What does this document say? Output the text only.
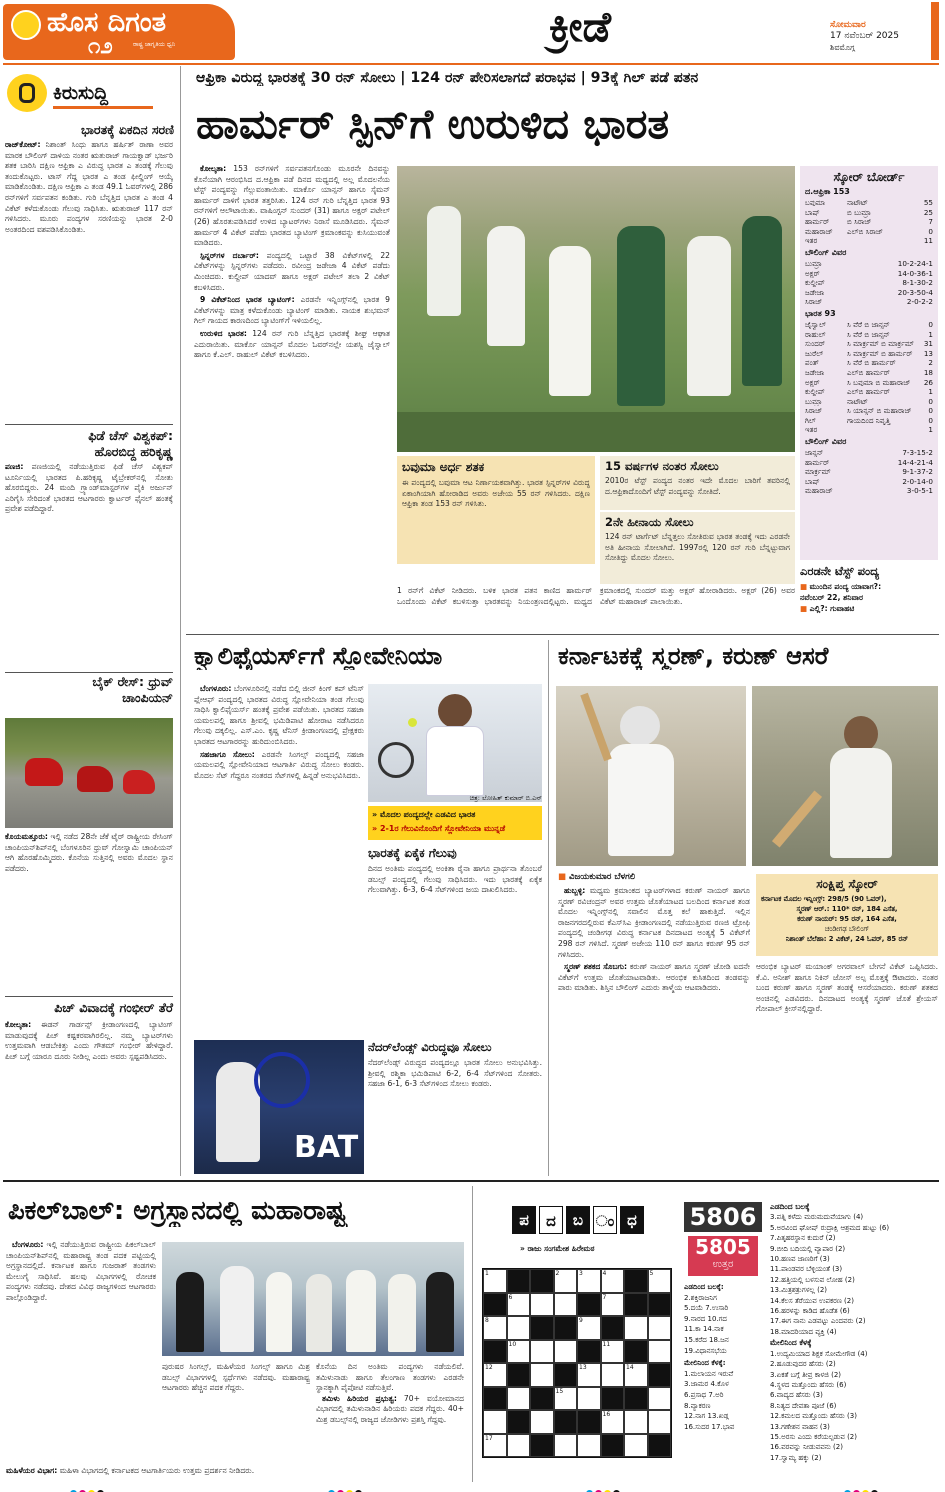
ಹೊಸ ದಿಗಂತ
ರಾಷ್ಟ್ರ ಜಾಗೃತಿಯ ಧ್ವನಿ
೧೨	ಕ್ರೀಡೆ	ಸೋಮವಾರ
17 ನವೆಂಬರ್ 2025
ಶಿವಮೊಗ್ಗ
ಕಿರುಸುದ್ದಿ
ಭಾರತಕ್ಕೆ ಏಕದಿನ ಸರಣಿ
ರಾಜ್‌ಕೋಟ್: ನಿಶಾಂತ್ ಸಿಂಧು ಹಾಗೂ ಹರ್ಷಿತ್ ರಾಣಾ ಅವರ ಮಾರಕ ಬೌಲಿಂಗ್ ದಾಳಿಯ ನಂತರ ಋತುರಾಜ್ ಗಾಯಕ್ವಾಡ್ ಭರ್ಜರಿ ಶತಕ ಬಾರಿಸಿ ದಕ್ಷಿಣ ಆಫ್ರಿಕಾ ಎ ವಿರುದ್ಧ ಭಾರತ ಎ ತಂಡಕ್ಕೆ ಗೆಲುವು ತಂದುಕೊಟ್ಟರು. ಟಾಸ್ ಗೆದ್ದ ಭಾರತ ಎ ತಂಡ ಫೀಲ್ಡಿಂಗ್ ಆಯ್ಕೆ ಮಾಡಿಕೊಂಡಿತು. ದಕ್ಷಿಣ ಆಫ್ರಿಕಾ ಎ ತಂಡ 49.1 ಓವರ್‌ಗಳಲ್ಲಿ 286 ರನ್‌ಗಳಿಗೆ ಸರ್ವಪತನ ಕಂಡಿತು. ಗುರಿ ಬೆನ್ನತ್ತಿದ ಭಾರತ ಎ ತಂಡ 4 ವಿಕೆಟ್ ಕಳೆದುಕೊಂಡು ಗೆಲುವು ಸಾಧಿಸಿತು. ಋತುರಾಜ್ 117 ರನ್ ಗಳಿಸಿದರು. ಮೂರು ಪಂದ್ಯಗಳ ಸರಣಿಯನ್ನು ಭಾರತ 2-0 ಅಂತರದಿಂದ ವಶಪಡಿಸಿಕೊಂಡಿತು.
ಫಿಡೆ ಚೆಸ್ ವಿಶ್ವಕಪ್: ಹೊರಬಿದ್ದ ಹರಿಕೃಷ್ಣ
ಪಣಜಿ: ಪಣಜಿಯಲ್ಲಿ ನಡೆಯುತ್ತಿರುವ ಫಿಡೆ ಚೆಸ್ ವಿಶ್ವಕಪ್ ಟೂರ್ನಿಯಲ್ಲಿ ಭಾರತದ ಪಿ.ಹರಿಕೃಷ್ಣ ಟೈಬ್ರೇಕರ್‌ನಲ್ಲಿ ಸೋತು ಹೊರಬಿದ್ದರು. 24 ಮಂದಿ ಗ್ರ್ಯಾಂಡ್‌ಮಾಸ್ಟರ್‌ಗಳ ಪೈಕಿ ಅರ್ಜುನ್ ಎರಿಗೈಸಿ ಸೇರಿದಂತೆ ಭಾರತದ ಆಟಗಾರರು ಕ್ವಾರ್ಟರ್ ಫೈನಲ್ ಹಂತಕ್ಕೆ ಪ್ರವೇಶ ಪಡೆದಿದ್ದಾರೆ.
ಬೈಕ್ ರೇಸ್: ಧ್ರುವ್ ಚಾಂಪಿಯನ್
ಕೊಯಮತ್ತೂರು: ಇಲ್ಲಿ ನಡೆದ 28ನೇ ಜೆಕೆ ಟೈರ್ ರಾಷ್ಟ್ರೀಯ ರೇಸಿಂಗ್ ಚಾಂಪಿಯನ್‌ಶಿಪ್‌ನಲ್ಲಿ ಬೆಂಗಳೂರಿನ ಧ್ರುವ್ ಗೋಸ್ವಾಮಿ ಚಾಂಪಿಯನ್ ಆಗಿ ಹೊರಹೊಮ್ಮಿದರು. ಕೊನೆಯ ಸುತ್ತಿನಲ್ಲಿ ಅವರು ಮೊದಲ ಸ್ಥಾನ ಪಡೆದರು.
ಪಿಚ್ ವಿವಾದಕ್ಕೆ ಗಂಭೀರ್ ತೆರೆ
ಕೋಲ್ಕತಾ: ಈಡನ್ ಗಾರ್ಡನ್ಸ್ ಕ್ರೀಡಾಂಗಣದಲ್ಲಿ ಬ್ಯಾಟಿಂಗ್ ಮಾಡುವುದಕ್ಕೆ ಪಿಚ್ ಕಷ್ಟಕರವಾಗಿರಲಿಲ್ಲ. ನಮ್ಮ ಬ್ಯಾಟರ್‌ಗಳು ಉತ್ತಮವಾಗಿ ಆಡಬೇಕಿತ್ತು ಎಂದು ಗೌತಮ್ ಗಂಭೀರ್ ಹೇಳಿದ್ದಾರೆ. ಪಿಚ್ ಬಗ್ಗೆ ಯಾರೂ ದೂರು ನೀಡಿಲ್ಲ ಎಂದು ಅವರು ಸ್ಪಷ್ಟಪಡಿಸಿದರು.
ಆಫ್ರಿಕಾ ವಿರುದ್ಧ ಭಾರತಕ್ಕೆ 30 ರನ್ ಸೋಲು | 124 ರನ್ ಪೇರಿಸಲಾಗದೆ ಪರಾಭವ | 93ಕ್ಕೆ ಗಿಲ್ ಪಡೆ ಪತನ
ಹಾರ್ಮರ್ ಸ್ಪಿನ್‌ಗೆ ಉರುಳಿದ ಭಾರತ

ಕೋಲ್ಕತಾ: 153 ರನ್‌ಗಳಿಗೆ ಸರ್ವಪತನಗೊಂಡು ಮೂರನೇ ದಿನವನ್ನು ಕೊನೆಯಾಗಿ ಆರಂಭಿಸಿದ ದ.ಆಫ್ರಿಕಾ ಪಡೆ ದಿನದ ಮಧ್ಯದಲ್ಲಿ ಅಲ್ಲ ಮೊದಲನೆಯ ಟೆಸ್ಟ್ ಪಂದ್ಯವನ್ನು ಗೆಲ್ಲುವಂತಾಯಿತು. ಮಾರ್ಕೊ ಯಾನ್ಸನ್ ಹಾಗೂ ಸೈಮನ್ ಹಾರ್ಮರ್ ದಾಳಿಗೆ ಭಾರತ ತತ್ತರಿಸಿತು. 124 ರನ್ ಗುರಿ ಬೆನ್ನತ್ತಿದ ಭಾರತ 93 ರನ್‌ಗಳಿಗೆ ಆಲೌಟಾಯಿತು. ವಾಷಿಂಗ್ಟನ್ ಸುಂದರ್ (31) ಹಾಗೂ ಅಕ್ಷರ್ ಪಟೇಲ್ (26) ಹೊರತುಪಡಿಸಿದರೆ ಉಳಿದ ಬ್ಯಾಟರ್‌ಗಳು ನಿರಾಸೆ ಮೂಡಿಸಿದರು. ಸೈಮನ್ ಹಾರ್ಮರ್ 4 ವಿಕೆಟ್ ಪಡೆದು ಭಾರತದ ಬ್ಯಾಟಿಂಗ್ ಕ್ರಮಾಂಕವನ್ನು ಕುಸಿಯುವಂತೆ ಮಾಡಿದರು.

ಸ್ಪಿನ್ನರ್‌ಗಳ ದರ್ಬಾರ್: ಪಂದ್ಯದಲ್ಲಿ ಒಟ್ಟಾರೆ 38 ವಿಕೆಟ್‌ಗಳಲ್ಲಿ 22 ವಿಕೆಟ್‌ಗಳನ್ನು ಸ್ಪಿನ್ನರ್‌ಗಳು ಪಡೆದರು. ರವೀಂದ್ರ ಜಡೇಜಾ 4 ವಿಕೆಟ್ ಪಡೆದು ಮಿಂಚಿದರು. ಕುಲ್ದೀಪ್ ಯಾದವ್ ಹಾಗೂ ಅಕ್ಷರ್ ಪಟೇಲ್ ತಲಾ 2 ವಿಕೆಟ್ ಕಬಳಿಸಿದರು.

9 ವಿಕೆಟ್‌ನಿಂದ ಭಾರತ ಬ್ಯಾಟಿಂಗ್: ಎರಡನೇ ಇನ್ನಿಂಗ್ಸ್‌ನಲ್ಲಿ ಭಾರತ 9 ವಿಕೆಟ್‌ಗಳನ್ನು ಮಾತ್ರ ಕಳೆದುಕೊಂಡು ಬ್ಯಾಟಿಂಗ್ ಮಾಡಿತು. ನಾಯಕ ಶುಭಮನ್ ಗಿಲ್ ಗಾಯದ ಕಾರಣದಿಂದ ಬ್ಯಾಟಿಂಗ್‌ಗೆ ಇಳಿಯಲಿಲ್ಲ.

ಉರುಳಿದ ಭಾರತ: 124 ರನ್ ಗುರಿ ಬೆನ್ನತ್ತಿದ ಭಾರತಕ್ಕೆ ಶೀಘ್ರ ಆಘಾತ ಎದುರಾಯಿತು. ಮಾರ್ಕೊ ಯಾನ್ಸನ್ ಮೊದಲ ಓವರ್‌ನಲ್ಲೇ ಯಶಸ್ವಿ ಜೈಸ್ವಾಲ್ ಹಾಗೂ ಕೆ.ಎಲ್. ರಾಹುಲ್ ವಿಕೆಟ್ ಕಬಳಿಸಿದರು.

ಬವುಮಾ ಅರ್ಧ ಶತಕ
ಈ ಪಂದ್ಯದಲ್ಲಿ ಬವುಮಾ ಆಟ ನಿರ್ಣಾಯಕವಾಗಿತ್ತು. ಭಾರತ ಸ್ಪಿನ್ನರ್‌ಗಳ ವಿರುದ್ಧ ಏಕಾಂಗಿಯಾಗಿ ಹೋರಾಡಿದ ಅವರು ಅಜೇಯ 55 ರನ್ ಗಳಿಸಿದರು. ದಕ್ಷಿಣ ಆಫ್ರಿಕಾ ತಂಡ 153 ರನ್ ಗಳಿಸಿತು.
15 ವರ್ಷಗಳ ನಂತರ ಸೋಲು
2010ರ ಟೆಸ್ಟ್ ಪಂದ್ಯದ ನಂತರ ಇದೇ ಮೊದಲ ಬಾರಿಗೆ ತವರಿನಲ್ಲಿ ದ.ಆಫ್ರಿಕಾದೊಂದಿಗೆ ಟೆಸ್ಟ್ ಪಂದ್ಯವನ್ನು ಸೋತಿದೆ.
2ನೇ ಹೀನಾಯ ಸೋಲು
124 ರನ್ ಟಾರ್ಗೆಟ್ ಬೆನ್ನತ್ತಲು ಸೋತಿರುವ ಭಾರತ ತಂಡಕ್ಕೆ ಇದು ಎರಡನೇ ಅತಿ ಹೀನಾಯ ಸೋಲಾಗಿದೆ. 1997ರಲ್ಲಿ 120 ರನ್ ಗುರಿ ಬೆನ್ನಟ್ಟುವಾಗ ಸೋತಿದ್ದು ಮೊದಲ ಸೋಲು.
1 ರನ್‌ಗೆ ವಿಕೆಟ್ ನೀಡಿದರು. ಬಳಿಕ ಭಾರತ ಪತನ ಕಾಣಿದ ಹಾರ್ಮರ್ ಒಂದೊಂದು ವಿಕೆಟ್ ಕಬಳಿಸುತ್ತಾ ಭಾರತವನ್ನು ನಿಯಂತ್ರಣದಲ್ಲಿಟ್ಟರು. ಮಧ್ಯದ ಕ್ರಮಾಂಕದಲ್ಲಿ ಸುಂದರ್ ಮತ್ತು ಅಕ್ಷರ್ ಹೋರಾಡಿದರು. ಅಕ್ಷರ್ (26) ಅವರ ವಿಕೆಟ್ ಮಹಾರಾಜ್ ಪಾಲಾಯಿತು.
ಸ್ಕೋರ್ ಬೋರ್ಡ್
ದ.ಆಫ್ರಿಕಾ 153
ಬವುಮಾ	ನಾಟೌಟ್	55
ಬಾಷ್	ಬಿ ಬುಮ್ರಾ	25
ಹಾರ್ಮರ್	ಬಿ ಸಿರಾಜ್	7
ಮಹಾರಾಜ್	ಎಲ್‌ಬಿ ಸಿರಾಜ್	0
ಇತರ	11
ಬೌಲಿಂಗ್ ವಿವರ
ಬುಮ್ರಾ	10-2-24-1
ಅಕ್ಷರ್	14-0-36-1
ಕುಲ್ದೀಪ್	8-1-30-2
ಜಡೇಜಾ	20-3-50-4
ಸಿರಾಜ್	2-0-2-2
ಭಾರತ 93
ಜೈಸ್ವಾಲ್	ಸಿ ವೆರೆ ಬಿ ಜಾನ್ಸನ್	0
ರಾಹುಲ್	ಸಿ ವೆರೆ ಬಿ ಜಾನ್ಸನ್	1
ಸುಂದರ್	ಸಿ ಮಾರ್ಕ್ರಮ್ ಬಿ ಮಾರ್ಕ್ರಮ್	31
ಜುರೆಲ್	ಸಿ ಮಾರ್ಕ್ರಮ್ ಬಿ ಹಾರ್ಮರ್	13
ಪಂತ್	ಸಿ ವೆರೆ ಬಿ ಹಾರ್ಮರ್	2
ಜಡೇಜಾ	ಎಲ್‌ಬಿ ಹಾರ್ಮರ್	18
ಅಕ್ಷರ್	ಸಿ ಬವುಮಾ ಬಿ ಮಹಾರಾಜ್	26
ಕುಲ್ದೀಪ್	ಎಲ್‌ಬಿ ಹಾರ್ಮರ್	1
ಬುಮ್ರಾ	ನಾಟೌಟ್	0
ಸಿರಾಜ್	ಸಿ ಯಾನ್ಸನ್ ಬಿ ಮಹಾರಾಜ್	0
ಗಿಲ್	ಗಾಯದಿಂದ ನಿವೃತ್ತಿ	0
ಇತರ	1
ಬೌಲಿಂಗ್ ವಿವರ
ಜಾನ್ಸನ್	7-3-15-2
ಹಾರ್ಮರ್	14-4-21-4
ಮಾರ್ಕ್ರಮ್	9-1-37-2
ಬಾಷ್	2-0-14-0
ಮಹಾರಾಜ್	3-0-5-1
ಎರಡನೇ ಟೆಸ್ಟ್ ಪಂದ್ಯ
■ ಮುಂದಿನ ಪಂದ್ಯ ಯಾವಾಗ?:
ನವೆಂಬರ್ 22, ಶನಿವಾರ
■ ಎಲ್ಲಿ?: ಗುವಾಹಟಿ
ಕ್ವಾಲಿಫೈಯರ್ಸ್‌ಗೆ ಸ್ಲೋವೇನಿಯಾ

ಬೆಂಗಳೂರು: ಬೆಂಗಳೂರಿನಲ್ಲಿ ನಡೆದ ಬಿಲ್ಲಿ ಜೀನ್ ಕಿಂಗ್ ಕಪ್ ಟೆನಿಸ್ ಪ್ಲೇಆಫ್ ಪಂದ್ಯದಲ್ಲಿ ಭಾರತದ ವಿರುದ್ಧ ಸ್ಲೋವೇನಿಯಾ ತಂಡ ಗೆಲುವು ಸಾಧಿಸಿ ಕ್ವಾಲಿಫೈಯರ್ಸ್ ಹಂತಕ್ಕೆ ಪ್ರವೇಶ ಪಡೆಯಿತು. ಭಾರತದ ಸಹಜಾ ಯಮಲಪಲ್ಲಿ ಹಾಗೂ ಶ್ರೀವಲ್ಲಿ ಭಮಿಡಿಪಾಟಿ ಹೋರಾಟ ನಡೆಸಿದರೂ ಗೆಲುವು ದಕ್ಕಲಿಲ್ಲ. ಎಸ್.ಎಂ. ಕೃಷ್ಣ ಟೆನಿಸ್ ಕ್ರೀಡಾಂಗಣದಲ್ಲಿ ಪ್ರೇಕ್ಷಕರು ಭಾರತದ ಆಟಗಾರರನ್ನು ಹುರಿದುಂಬಿಸಿದರು.

ಸಹಜಾಗೂ ಸೋಲು: ಎರಡನೇ ಸಿಂಗಲ್ಸ್ ಪಂದ್ಯದಲ್ಲಿ ಸಹಜಾ ಯಮಲಪಲ್ಲಿ ಸ್ಲೋವೇನಿಯಾದ ಆಟಗಾರ್ತಿ ವಿರುದ್ಧ ಸೋಲು ಕಂಡರು. ಮೊದಲ ಸೆಟ್ ಗೆದ್ದರೂ ನಂತರದ ಸೆಟ್‌ಗಳಲ್ಲಿ ಹಿನ್ನಡೆ ಅನುಭವಿಸಿದರು.

ಚಿತ್ರ: ಲೋಹಿತ್ ಕುಮಾರ್ ಬಿ.ಎನ್
» ಮೊದಲ ಪಂದ್ಯದಲ್ಲೇ ಎಡವಿದ ಭಾರತ
» 2-1ರ ಗೆಲುವಿನೊಂದಿಗೆ ಸ್ಲೋವೇನಿಯಾ ಮುನ್ನಡೆ
ಭಾರತಕ್ಕೆ ಏಕೈಕ ಗೆಲುವು
ದಿನದ ಅಂತಿಮ ಪಂದ್ಯದಲ್ಲಿ ಅಂಕಿತಾ ರೈನಾ ಹಾಗೂ ಪ್ರಾರ್ಥನಾ ತೊಂಬರೆ ಡಬಲ್ಸ್ ಪಂದ್ಯದಲ್ಲಿ ಗೆಲುವು ಸಾಧಿಸಿದರು. ಇದು ಭಾರತಕ್ಕೆ ಏಕೈಕ ಗೆಲುವಾಗಿತ್ತು. 6-3, 6-4 ಸೆಟ್‌ಗಳಿಂದ ಜಯ ದಾಖಲಿಸಿದರು.
BAT
ನೆದರ್‌ಲೆಂಡ್ಸ್ ವಿರುದ್ಧವೂ ಸೋಲು
ನೆದರ್‌ಲೆಂಡ್ಸ್ ವಿರುದ್ಧದ ಪಂದ್ಯದಲ್ಲೂ ಭಾರತ ಸೋಲು ಅನುಭವಿಸಿತ್ತು. ಶ್ರೀವಲ್ಲಿ ರಶ್ಮಿಕಾ ಭಮಿಡಿಪಾಟಿ 6-2, 6-4 ಸೆಟ್‌ಗಳಿಂದ ಸೋತರು. ಸಹಜಾ 6-1, 6-3 ಸೆಟ್‌ಗಳಿಂದ ಸೋಲು ಕಂಡರು.
ಕರ್ನಾಟಕಕ್ಕೆ ಸ್ಮರಣ್, ಕರುಣ್ ಆಸರೆ
■ ವಿಜಯಕುಮಾರ ಬೆಳಗಲಿ

ಹುಬ್ಬಳ್ಳಿ: ಮಧ್ಯಮ ಕ್ರಮಾಂಕದ ಬ್ಯಾಟರ್‌ಗಳಾದ ಕರುಣ್ ನಾಯರ್ ಹಾಗೂ ಸ್ಮರಣ್ ರವಿಚಂದ್ರನ್ ಅವರ ಉತ್ತಮ ಜೊತೆಯಾಟದ ಬಲದಿಂದ ಕರ್ನಾಟಕ ತಂಡ ಮೊದಲ ಇನ್ನಿಂಗ್ಸ್‌ನಲ್ಲಿ ಸವಾಲಿನ ಮೊತ್ತ ಕಲೆ ಹಾಕುತ್ತಿದೆ. ಇಲ್ಲಿನ ರಾಜನಗರದಲ್ಲಿರುವ ಕೆಎಸ್‌ಸಿಎ ಕ್ರೀಡಾಂಗಣದಲ್ಲಿ ನಡೆಯುತ್ತಿರುವ ರಣಜಿ ಟ್ರೋಫಿ ಪಂದ್ಯದಲ್ಲಿ ಚಂಡೀಗಢ ವಿರುದ್ಧ ಕರ್ನಾಟಕ ದಿನದಾಟದ ಅಂತ್ಯಕ್ಕೆ 5 ವಿಕೆಟ್‌ಗೆ 298 ರನ್ ಗಳಿಸಿದೆ. ಸ್ಮರಣ್ ಅಜೇಯ 110 ರನ್ ಹಾಗೂ ಕರುಣ್ 95 ರನ್ ಗಳಿಸಿದರು.

ಸ್ಮರಣ್ ಶತಕದ ಸೊಬಗು: ಕರುಣ್ ನಾಯರ್ ಹಾಗೂ ಸ್ಮರಣ್ ಜೋಡಿ ಐದನೇ ವಿಕೆಟ್‌ಗೆ ಉತ್ತಮ ಜೊತೆಯಾಟವಾಡಿತು. ಆರಂಭಿಕ ಕುಸಿತದಿಂದ ತಂಡವನ್ನು ಪಾರು ಮಾಡಿತು. ಶಿಸ್ತಿನ ಬೌಲಿಂಗ್ ಎದುರು ತಾಳ್ಮೆಯ ಆಟವಾಡಿದರು.

ಸಂಕ್ಷಿಪ್ತ ಸ್ಕೋರ್
ಕರ್ನಾಟಕ ಮೊದಲ ಇನ್ನಿಂಗ್ಸ್: 298/5 (90 ಓವರ್),
ಸ್ಮರಣ್ ಆರ್.: 110* ರನ್, 184 ಎಸೆತ,
ಕರುಣ್ ನಾಯರ್: 95 ರನ್, 164 ಎಸೆತ,
ಚಂಡೀಗಢ ಬೌಲಿಂಗ್
ನಿಶಾಂತ್ ಬೆಲೆಹಾ: 2 ವಿಕೆಟ್, 24 ಓವರ್, 85 ರನ್
ಆರಂಭಿಕ ಬ್ಯಾಟರ್ ಮಯಾಂಕ್ ಅಗರವಾಲ್ ಬೇಗನೆ ವಿಕೆಟ್ ಒಪ್ಪಿಸಿದರು. ಕೆ.ವಿ. ಅನೀಶ್ ಹಾಗೂ ನಿಕಿನ್ ಜೋಸ್ ಅಲ್ಪ ಮೊತ್ತಕ್ಕೆ ಔಟಾದರು. ನಂತರ ಬಂದ ಕರುಣ್ ಹಾಗೂ ಸ್ಮರಣ್ ತಂಡಕ್ಕೆ ಆಸರೆಯಾದರು. ಕರುಣ್ ಶತಕದ ಅಂಚಿನಲ್ಲಿ ಎಡವಿದರು. ದಿನದಾಟದ ಅಂತ್ಯಕ್ಕೆ ಸ್ಮರಣ್ ಜೊತೆ ಶ್ರೇಯಸ್ ಗೋಪಾಲ್ ಕ್ರೀಸ್‌ನಲ್ಲಿದ್ದಾರೆ.
ಪಿಕಲ್‌ಬಾಲ್: ಅಗ್ರಸ್ಥಾನದಲ್ಲಿ ಮಹಾರಾಷ್ಟ್ರ

ಬೆಂಗಳೂರು: ಇಲ್ಲಿ ನಡೆಯುತ್ತಿರುವ ರಾಷ್ಟ್ರೀಯ ಪಿಕಲ್‌ಬಾಲ್ ಚಾಂಪಿಯನ್‌ಶಿಪ್‌ನಲ್ಲಿ ಮಹಾರಾಷ್ಟ್ರ ತಂಡ ಪದಕ ಪಟ್ಟಿಯಲ್ಲಿ ಅಗ್ರಸ್ಥಾನದಲ್ಲಿದೆ. ಕರ್ನಾಟಕ ಹಾಗೂ ಗುಜರಾತ್ ತಂಡಗಳು ಮೇಲುಗೈ ಸಾಧಿಸಿವೆ. ಹಲವು ವಿಭಾಗಗಳಲ್ಲಿ ರೋಚಕ ಪಂದ್ಯಗಳು ನಡೆದವು. ದೇಶದ ವಿವಿಧ ರಾಜ್ಯಗಳಿಂದ ಆಟಗಾರರು ಪಾಲ್ಗೊಂಡಿದ್ದಾರೆ.

ಪುರುಷರ ಸಿಂಗಲ್ಸ್, ಮಹಿಳೆಯರ ಸಿಂಗಲ್ಸ್ ಹಾಗೂ ಮಿಶ್ರ ಡಬಲ್ಸ್ ವಿಭಾಗಗಳಲ್ಲಿ ಸ್ಪರ್ಧೆಗಳು ನಡೆದವು. ಮಹಾರಾಷ್ಟ್ರ ಆಟಗಾರರು ಹೆಚ್ಚಿನ ಪದಕ ಗೆದ್ದರು.
ಕೊನೆಯ ದಿನ ಅಂತಿಮ ಪಂದ್ಯಗಳು ನಡೆಯಲಿವೆ. ತಮಿಳುನಾಡು ಹಾಗೂ ತೆಲಂಗಾಣ ತಂಡಗಳು ಎರಡನೇ ಸ್ಥಾನಕ್ಕಾಗಿ ಪೈಪೋಟಿ ನಡೆಸುತ್ತಿವೆ.

ತಮಿಳು ಹಿರಿಯರ ಪ್ರಭುತ್ವ: 70+ ವಯೋಮಾನದ ವಿಭಾಗದಲ್ಲಿ ತಮಿಳುನಾಡಿನ ಹಿರಿಯರು ಪದಕ ಗೆದ್ದರು. 40+ ಮಿಶ್ರ ಡಬಲ್ಸ್‌ನಲ್ಲಿ ರಾಜ್ಯದ ಜೋಡಿಗಳು ಪ್ರಶಸ್ತಿ ಗೆದ್ದವು.

ಮಹಿಳೆಯರ ವಿಭಾಗ: ಮಹಿಳಾ ವಿಭಾಗದಲ್ಲಿ ಕರ್ನಾಟಕದ ಆಟಗಾರ್ತಿಯರು ಉತ್ತಮ ಪ್ರದರ್ಶನ ನೀಡಿದರು.
ಪ	ದ	ಬ ಂ ಧ
» ರಾಜು ಸಂಗಮೇಶ ಹಿರೇಮಠ
1	2	3	4	5
6	7
8	9
10	11
12	13	14
15
16
17
5806
5805
ಉತ್ತರ
ಎಡದಿಂದ ಬಲಕ್ಕೆ:
2.ಶಕ್ತಿರಾಜನಿಗ
5.ದಯೆ 7.ಉಸಾರಿ
9.ನಾರದ 10.ಗದ
11.ಕಾ 14.ನಾಕ
15.ಕರೆದ 18.ಜನ
19.ವಿಧಾನಸಭೆಯ
ಮೇಲಿನಿಂದ ಕೆಳಕ್ಕೆ:
1.ಮಲಾಯನ ಇರುವೆ
3.ಜಾಮರ 4.ಕೊಳ
6.ಪ್ರಸಾಧ 7.ಅರಿ
8.ವ್ಯಾಕರಣ
12.ನಾಗ 13.ಖಡ್ಗ
16.ಸುದರ 17.ಭಾವ
ಎಡದಿಂದ ಬಲಕ್ಕೆ
3.ಪತ್ನಿ ಕಳೆದು ಮರುಮದುವೆಯಾಗು (4)
5.ಅರವಿಂದ ಘೋಷ್ ರುದ್ರಾಕ್ಷಿ ಆಶ್ರಮದ ಹುಟ್ಟು (6)
7.ಪಿತೃಹರಸ್ಥಾನ ಕುದುರೆ (2)
9.ಬೀದಿ ಬದಿಯಲ್ಲಿ ವ್ಯಾಪಾರ (2)
10.ಹಣವ ಜಾಣರಿಗೆ (3)
11.ಪಾಂಡವರ ಬೆಳ್ಳಿಯಂತೆ (3)
12.ಹತ್ತಿಯಲ್ಲಿ ಬಳಸುವ ಲೋಹ (2)
13.ಮಿತ್ರಶತ್ರುಗಳಲ್ಲ (2)
14.ಕೆಲಸ ತೆರೆಯುವ ಉಪಕರಣ (2)
16.ಹರಳನ್ನು ಕಾಡಿದ ಹೊಡೆತ (6)
17.ಈಗ ನಾನು ಎಡವಟ್ಟು ಎಂದವರು (2)
18.ಮಾದರಿಯಾದ ವ್ಯಕ್ತಿ (4)
ಮೇಲಿನಿಂದ ಕೆಳಕ್ಕೆ
1.ಉದ್ಯಮಿಯಾದ ಶಿಕ್ಷಕ ಸೋಮೇಗೌಡ (4)
2.ಹೂಡುವುದರ ಹೆಸರು (2)
3.ಏಕತೆ ಬಗ್ಗೆ ತೀವ್ರ ಕಾಳಜಿ (2)
4.ಸ್ಥಳದ ಮತ್ತೊಂದು ಹೆಸರು (6)
6.ವಾದ್ಯದ ಹೆಸರು (3)
8.ನಿತ್ಯದ ದೇವತಾ ಪೂಜೆ (6)
12.ಕಮಲದ ಮತ್ತೊಂದು ಹೆಸರು (3)
13.ಗಣೇಶನ ವಾಹನ (3)
15.ಅರಸು ಎಂದು ಕರೆಯಲ್ಪಡುವ (2)
16.ವರವನ್ನು ನೀಡುವವನು (2)
17.ಸ್ವಾಮ್ಯ ಹಕ್ಕು (2)
